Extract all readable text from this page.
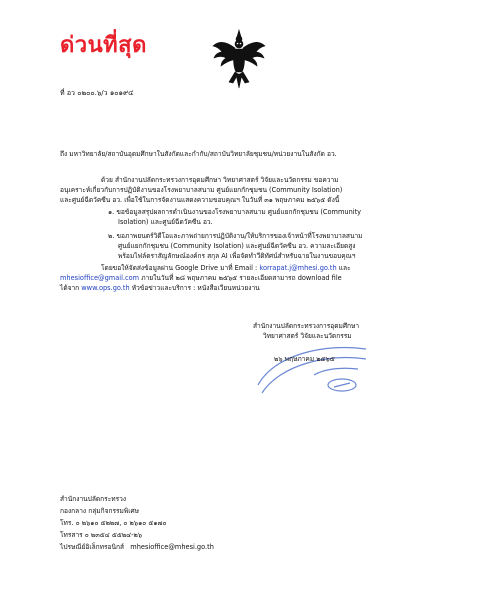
ด่วนที่สุด
ที่ อว ๐๒๐๐.๖/ว ๑๐๑๙๔
ถึง มหาวิทยาลัย/สถาบันอุดมศึกษาในสังกัดและกำกับ/สถาบันวิทยาลัยชุมชน/หน่วยงานในสังกัด อว.
ด้วย สำนักงานปลัดกระทรวงการอุดมศึกษา วิทยาศาสตร์ วิจัยและนวัตกรรม ขอความ
อนุเคราะห์เกี่ยวกับการปฏิบัติงานของโรงพยาบาลสนาม ศูนย์แยกกักชุมชน (Community Isolation)
และศูนย์ฉีดวัคซีน อว. เพื่อใช้ในการจัดงานแสดงความขอบคุณฯ ในวันที่ ๓๑ พฤษภาคม ๒๕๖๕ ดังนี้
๑. ขอข้อมูลสรุปผลการดำเนินงานของโรงพยาบาลสนาม ศูนย์แยกกักชุมชน (Community
Isolation) และศูนย์ฉีดวัคซีน อว.
๒. ขอภาพยนตร์วิดีโอและภาพถ่ายการปฏิบัติงาน/ให้บริการของเจ้าหน้าที่โรงพยาบาลสนาม
ศูนย์แยกกักชุมชน (Community Isolation) และศูนย์ฉีดวัคซีน อว. ความละเอียดสูง
พร้อมไฟล์ตราสัญลักษณ์องค์กร สกุล AI เพื่อจัดทำวีดิทัศน์สำหรับฉายในงานขอบคุณฯ
โดยขอให้จัดส่งข้อมูลผ่าน Google Drive มาที่ Email : korrapat.j@mhesi.go.th และ
mhesioffice@gmail.com ภายในวันที่ ๒๘ พฤษภาคม ๒๕๖๕ รายละเอียดสามารถ download file
ได้จาก www.ops.go.th หัวข้อข่าวและบริการ : หนังสือเวียนหน่วยงาน
สำนักงานปลัดกระทรวงการอุดมศึกษา
วิทยาศาสตร์ วิจัยและนวัตกรรม
๒๖ พฤษภาคม ๒๕๖๕
สำนักงานปลัดกระทรวง
กองกลาง กลุ่มกิจกรรมพิเศษ
โทร. ๐ ๒๖๑๐ ๕๒๒๗, ๐ ๒๖๑๐ ๕๑๗๐
โทรสาร ๐ ๒๓๕๔ ๕๕๒๔-๒๖
ไปรษณีย์อิเล็กทรอนิกส์ mhesioffice@mhesi.go.th
